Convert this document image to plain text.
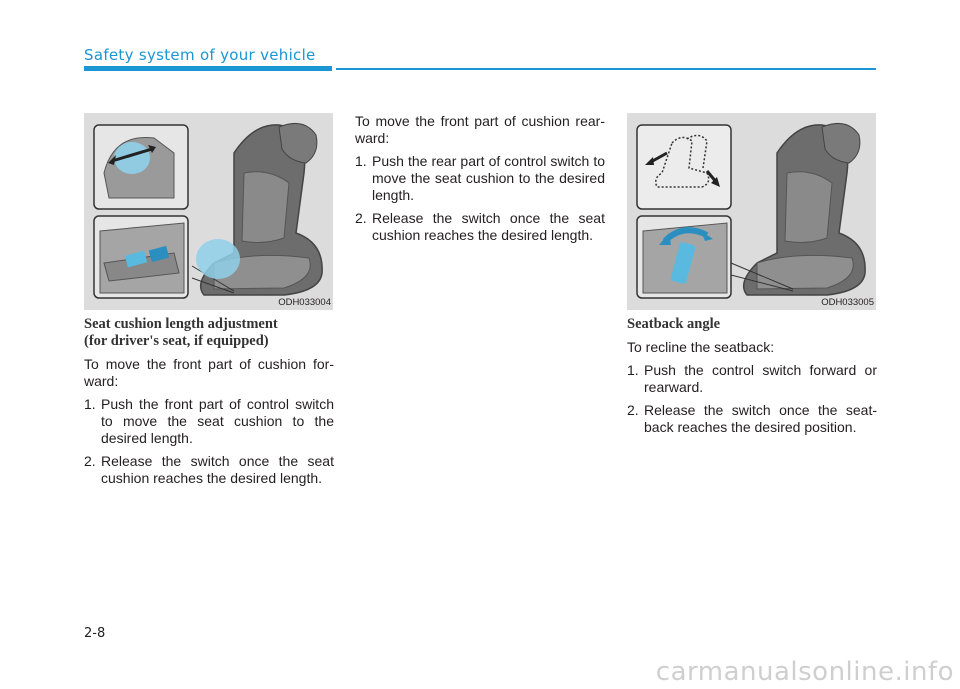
Safety system of your vehicle
ODH033004	ODH033005
Seat cushion length adjustment
(for driver's seat, if equipped)

To move the front part of cushion for-ward:

1. Push the front part of control switch to move the seat cushion to the desired length.
2. Release the switch once the seat cushion reaches the desired length.

To move the front part of cushion rear-ward:

1. Push the rear part of control switch to move the seat cushion to the desired length.
2. Release the switch once the seat cushion reaches the desired length.
Seatback angle

To recline the seatback:

1. Push the control switch forward or rearward.
2. Release the switch once the seat-back reaches the desired position.
2-8
carmanualsonline.info
